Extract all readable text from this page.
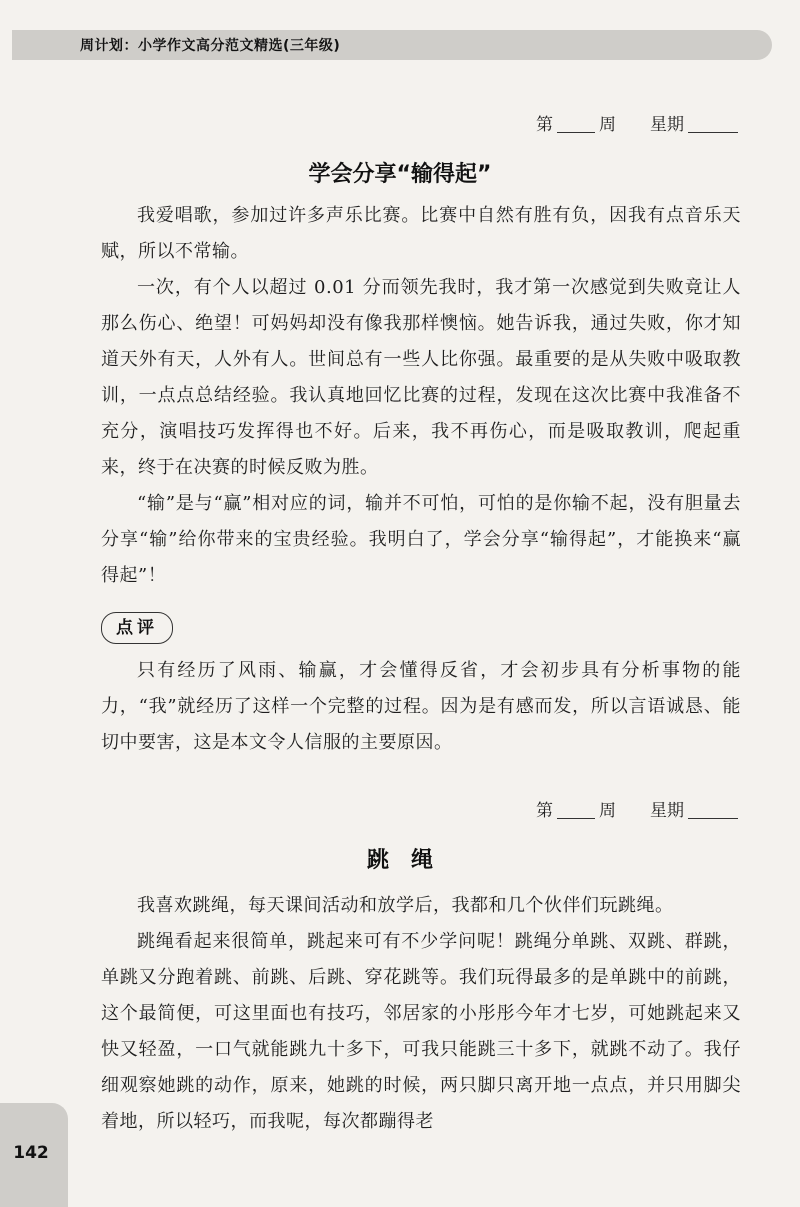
周计划：小学作文高分范文精选(三年级)
第	周 星期
学会分享“输得起”

我爱唱歌，参加过许多声乐比赛。比赛中自然有胜有负，因我有点音乐天赋，所以不常输。

一次，有个人以超过 0.01 分而领先我时，我才第一次感觉到失败竟让人那么伤心、绝望！可妈妈却没有像我那样懊恼。她告诉我，通过失败，你才知道天外有天，人外有人。世间总有一些人比你强。最重要的是从失败中吸取教训，一点点总结经验。我认真地回忆比赛的过程，发现在这次比赛中我准备不充分，演唱技巧发挥得也不好。后来，我不再伤心，而是吸取教训，爬起重来，终于在决赛的时候反败为胜。

“输”是与“赢”相对应的词，输并不可怕，可怕的是你输不起，没有胆量去分享“输”给你带来的宝贵经验。我明白了，学会分享“输得起”，才能换来“赢得起”！

点评

只有经历了风雨、输赢，才会懂得反省，才会初步具有分析事物的能力，“我”就经历了这样一个完整的过程。因为是有感而发，所以言语诚恳、能切中要害，这是本文令人信服的主要原因。

第	周 星期
跳　绳

我喜欢跳绳，每天课间活动和放学后，我都和几个伙伴们玩跳绳。

跳绳看起来很简单，跳起来可有不少学问呢！跳绳分单跳、双跳、群跳，单跳又分跑着跳、前跳、后跳、穿花跳等。我们玩得最多的是单跳中的前跳，这个最简便，可这里面也有技巧，邻居家的小彤彤今年才七岁，可她跳起来又快又轻盈，一口气就能跳九十多下，可我只能跳三十多下，就跳不动了。我仔细观察她跳的动作，原来，她跳的时候，两只脚只离开地一点点，并只用脚尖着地，所以轻巧，而我呢，每次都蹦得老

142
